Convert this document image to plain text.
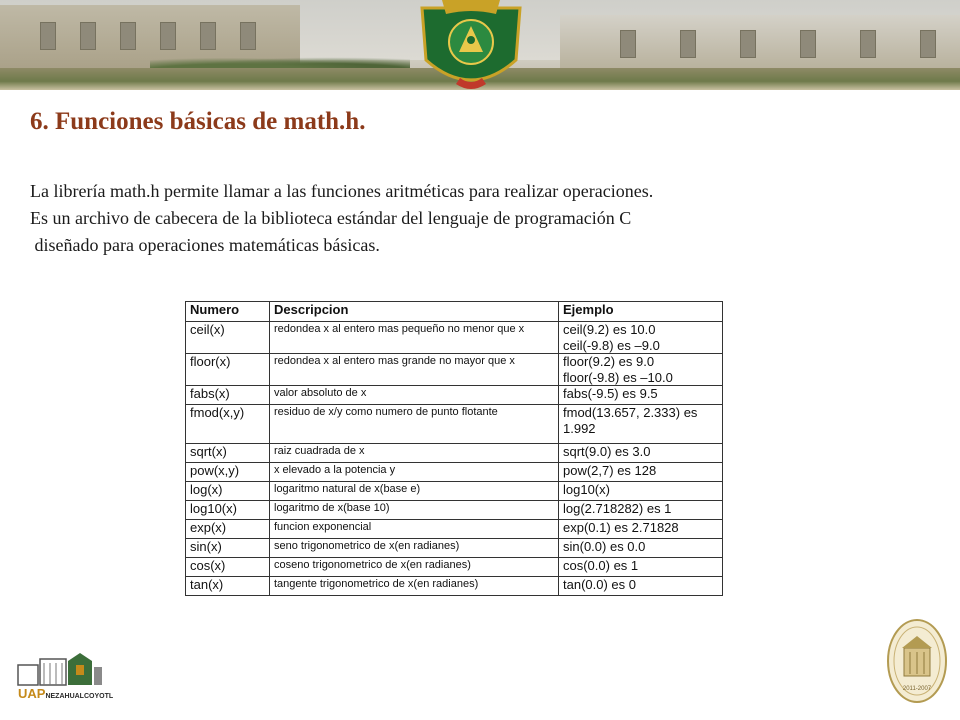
6. Funciones básicas de math.h.
La librería math.h permite llamar a las funciones aritméticas para realizar operaciones.
Es un archivo de cabecera de la biblioteca estándar del lenguaje de programación C
diseñado para operaciones matemáticas básicas.
Numero	Descripcion	Ejemplo
ceil(x)	redondea x al entero mas pequeño no menor que x	ceil(9.2) es 10.0
ceil(-9.8) es –9.0

floor(x)	redondea x al entero mas grande no mayor que x	floor(9.2) es 9.0
floor(-9.8) es –10.0

fabs(x)	valor absoluto de x	fabs(-9.5) es 9.5
fmod(x,y)	residuo de x/y como numero de punto flotante	fmod(13.657, 2.333) es
1.992

sqrt(x)	raiz cuadrada de x	sqrt(9.0) es 3.0
pow(x,y)	x elevado a la potencia y	pow(2,7) es 128
log(x)	logaritmo natural de x(base e)	log10(x)
log10(x)	logaritmo de x(base 10)	log(2.718282) es 1
exp(x)	funcion exponencial	exp(0.1) es 2.71828
sin(x)	seno trigonometrico de x(en radianes)	sin(0.0) es 0.0
cos(x)	coseno trigonometrico de x(en radianes)	cos(0.0) es 1
tan(x)	tangente trigonometrico de x(en radianes)	tan(0.0) es 0
UAPNEZAHUALCOYOTL
2011-2007
